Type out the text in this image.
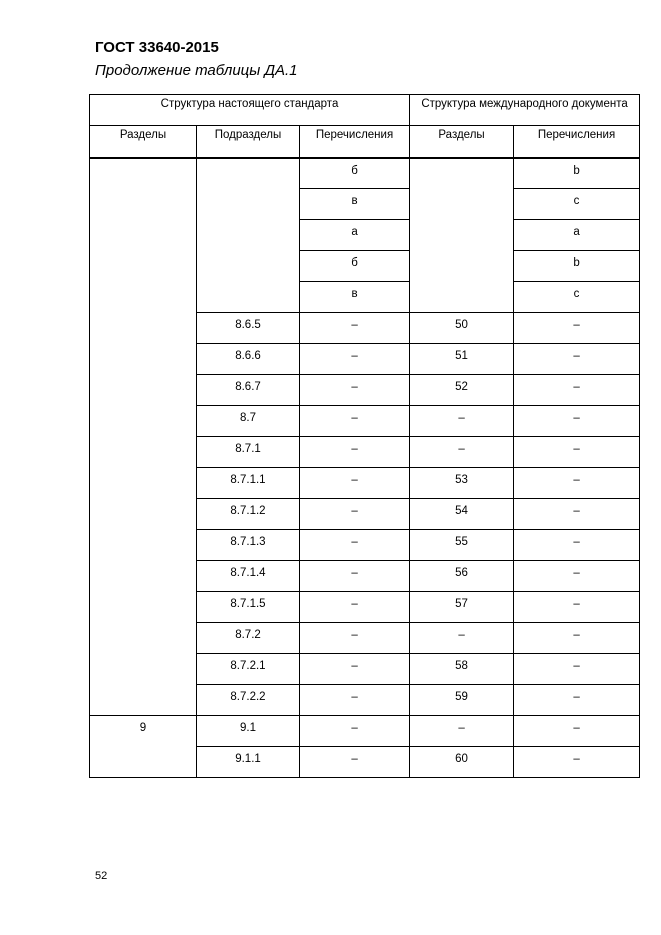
ГОСТ 33640-2015
Продолжение таблицы ДА.1
Структура настоящего стандарта			Структура международного документа	
Разделы	Подразделы	Перечисления	Разделы	Перечисления
		б		b
		в		c
		а		a
		б		b
		в		c
	8.6.5	–	50	–
	8.6.6	–	51	–
	8.6.7	–	52	–
	8.7	–	–	–
	8.7.1	–	–	–
	8.7.1.1	–	53	–
	8.7.1.2	–	54	–
	8.7.1.3	–	55	–
	8.7.1.4	–	56	–
	8.7.1.5	–	57	–
	8.7.2	–	–	–
	8.7.2.1	–	58	–
	8.7.2.2	–	59	–
9	9.1	–	–	–
	9.1.1	–	60	–
52
